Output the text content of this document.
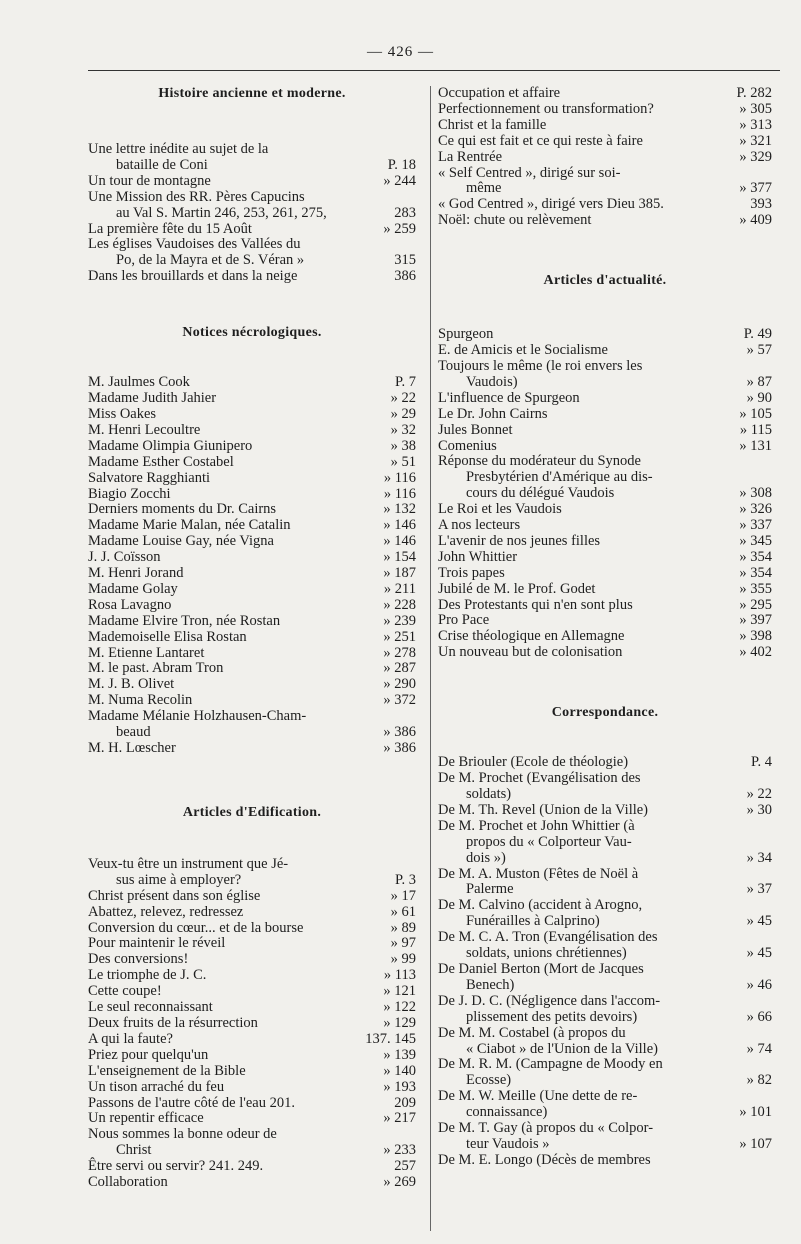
— 426 —
Histoire ancienne et moderne.
Une lettre inédite au sujet de la
bataille de Coni	P. 18
Un tour de montagne	» 244
Une Mission des RR. Pères Capucins
au Val S. Martin 246, 253, 261, 275,	283
La première fête du 15 Août	» 259
Les églises Vaudoises des Vallées du
Po, de la Mayra et de S. Véran »	315
Dans les brouillards et dans la neige	386
Notices nécrologiques.
M. Jaulmes Cook	P. 7
Madame Judith Jahier	» 22
Miss Oakes	» 29
M. Henri Lecoultre	» 32
Madame Olimpia Giunipero	» 38
Madame Esther Costabel	» 51
Salvatore Ragghianti	» 116
Biagio Zocchi	» 116
Derniers moments du Dr. Cairns	» 132
Madame Marie Malan, née Catalin	» 146
Madame Louise Gay, née Vigna	» 146
J. J. Coïsson	» 154
M. Henri Jorand	» 187
Madame Golay	» 211
Rosa Lavagno	» 228
Madame Elvire Tron, née Rostan	» 239
Mademoiselle Elisa Rostan	» 251
M. Etienne Lantaret	» 278
M. le past. Abram Tron	» 287
M. J. B. Olivet	» 290
M. Numa Recolin	» 372
Madame Mélanie Holzhausen-Cham-
beaud	» 386
M. H. Lœscher	» 386
Articles d'Edification.
Veux-tu être un instrument que Jé-
sus aime à employer?	P. 3
Christ présent dans son église	» 17
Abattez, relevez, redressez	» 61
Conversion du cœur... et de la bourse	» 89
Pour maintenir le réveil	» 97
Des conversions!	» 99
Le triomphe de J. C.	» 113
Cette coupe!	» 121
Le seul reconnaissant	» 122
Deux fruits de la résurrection	» 129
A qui la faute?	137. 145
Priez pour quelqu'un	» 139
L'enseignement de la Bible	» 140
Un tison arraché du feu	» 193
Passons de l'autre côté de l'eau 201.	209
Un repentir efficace	» 217
Nous sommes la bonne odeur de
Christ	» 233
Être servi ou servir? 241. 249.	257
Collaboration	» 269
Occupation et affaire	P. 282
Perfectionnement ou transformation?	» 305
Christ et la famille	» 313
Ce qui est fait et ce qui reste à faire	» 321
La Rentrée	» 329
« Self Centred », dirigé sur soi-
même	» 377
« God Centred », dirigé vers Dieu 385.	393
Noël: chute ou relèvement	» 409
Articles d'actualité.
Spurgeon	P. 49
E. de Amicis et le Socialisme	» 57
Toujours le même (le roi envers les
Vaudois)	» 87
L'influence de Spurgeon	» 90
Le Dr. John Cairns	» 105
Jules Bonnet	» 115
Comenius	» 131
Réponse du modérateur du Synode
Presbytérien d'Amérique au dis-
cours du délégué Vaudois	» 308
Le Roi et les Vaudois	» 326
A nos lecteurs	» 337
L'avenir de nos jeunes filles	» 345
John Whittier	» 354
Trois papes	» 354
Jubilé de M. le Prof. Godet	» 355
Des Protestants qui n'en sont plus	» 295
Pro Pace	» 397
Crise théologique en Allemagne	» 398
Un nouveau but de colonisation	» 402
Correspondance.
De Briouler (Ecole de théologie)	P. 4
De M. Prochet (Evangélisation des
soldats)	» 22
De M. Th. Revel (Union de la Ville)	» 30
De M. Prochet et John Whittier (à
propos du « Colporteur Vau-
dois »)	» 34
De M. A. Muston (Fêtes de Noël à
Palerme	» 37
De M. Calvino (accident à Arogno,
Funérailles à Calprino)	» 45
De M. C. A. Tron (Evangélisation des
soldats, unions chrétiennes)	» 45
De Daniel Berton (Mort de Jacques
Benech)	» 46
De J. D. C. (Négligence dans l'accom-
plissement des petits devoirs)	» 66
De M. M. Costabel (à propos du
« Ciabot » de l'Union de la Ville)	» 74
De M. R. M. (Campagne de Moody en
Ecosse)	» 82
De M. W. Meille (Une dette de re-
connaissance)	» 101
De M. T. Gay (à propos du « Colpor-
teur Vaudois »	» 107
De M. E. Longo (Décès de membres
